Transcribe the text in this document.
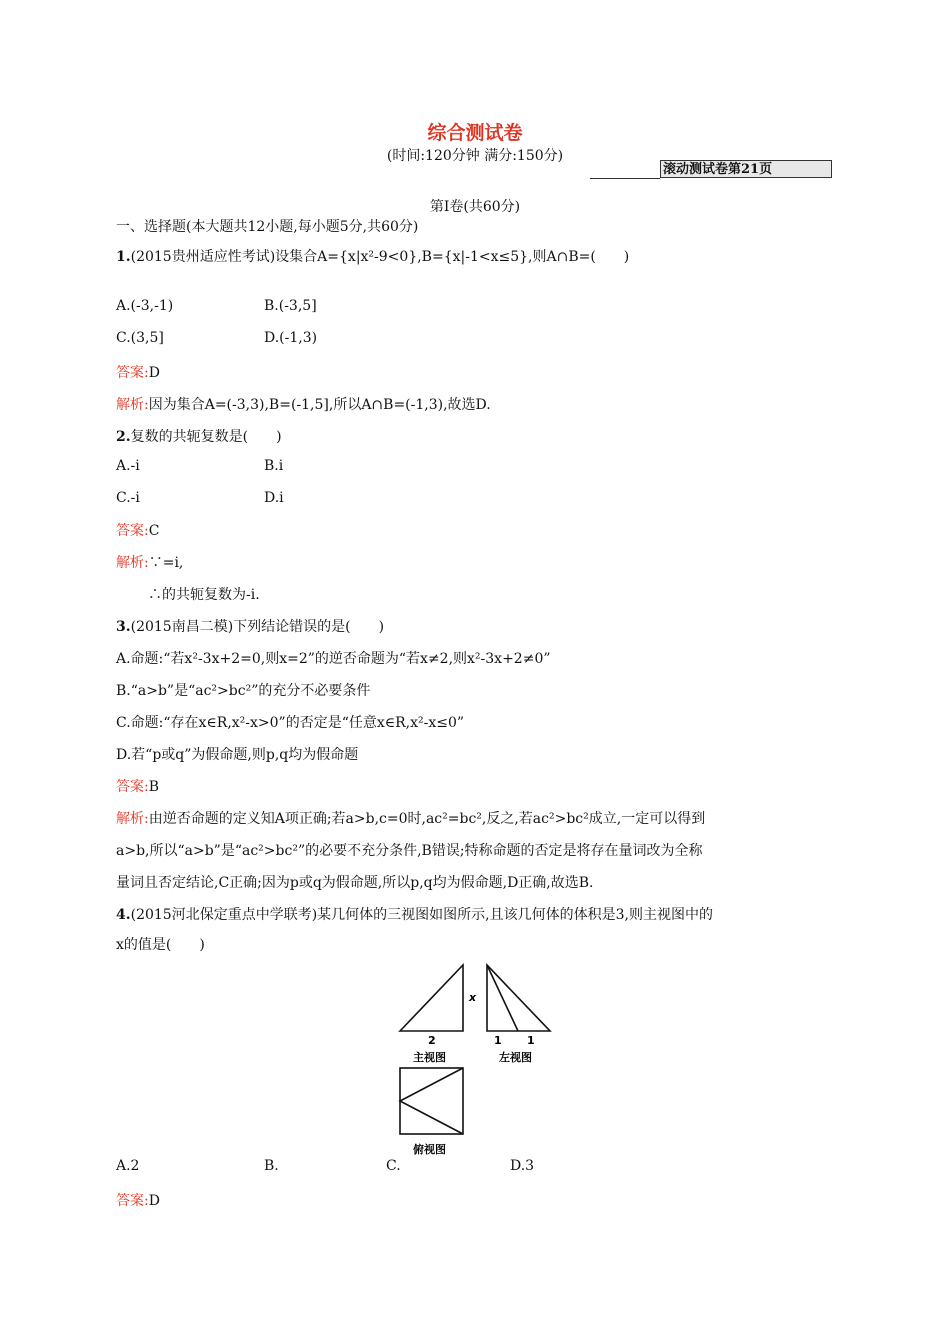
综合测试卷
(时间:120分钟 满分:150分)
滚动测试卷第21页
第Ⅰ卷(共60分)
一、选择题(本大题共12小题,每小题5分,共60分)
1.(2015贵州适应性考试)设集合A={x|x²-9<0},B={x|-1<x≤5},则A∩B=(　　)
A.(-3,-1)	B.(-3,5]
C.(3,5]	D.(-1,3)
答案:D
解析:因为集合A=(-3,3),B=(-1,5],所以A∩B=(-1,3),故选D.
2.复数的共轭复数是(　　)
A.-i	B.i
C.-i	D.i
答案:C
解析:∵=i,
∴的共轭复数为-i.
3.(2015南昌二模)下列结论错误的是(　　)
A.命题:“若x²-3x+2=0,则x=2”的逆否命题为“若x≠2,则x²-3x+2≠0”
B.“a>b”是“ac²>bc²”的充分不必要条件
C.命题:“存在x∈R,x²-x>0”的否定是“任意x∈R,x²-x≤0”
D.若“p或q”为假命题,则p,q均为假命题
答案:B
解析:由逆否命题的定义知A项正确;若a>b,c=0时,ac²=bc²,反之,若ac²>bc²成立,一定可以得到
a>b,所以“a>b”是“ac²>bc²”的必要不充分条件,B错误;特称命题的否定是将存在量词改为全称
量词且否定结论,C正确;因为p或q为假命题,所以p,q均为假命题,D正确,故选B.
4.(2015河北保定重点中学联考)某几何体的三视图如图所示,且该几何体的体积是3,则主视图中的
x的值是(　　)
x
2	1 1
主视图	左视图
俯视图
A.2	B.	C.	D.3
答案:D
